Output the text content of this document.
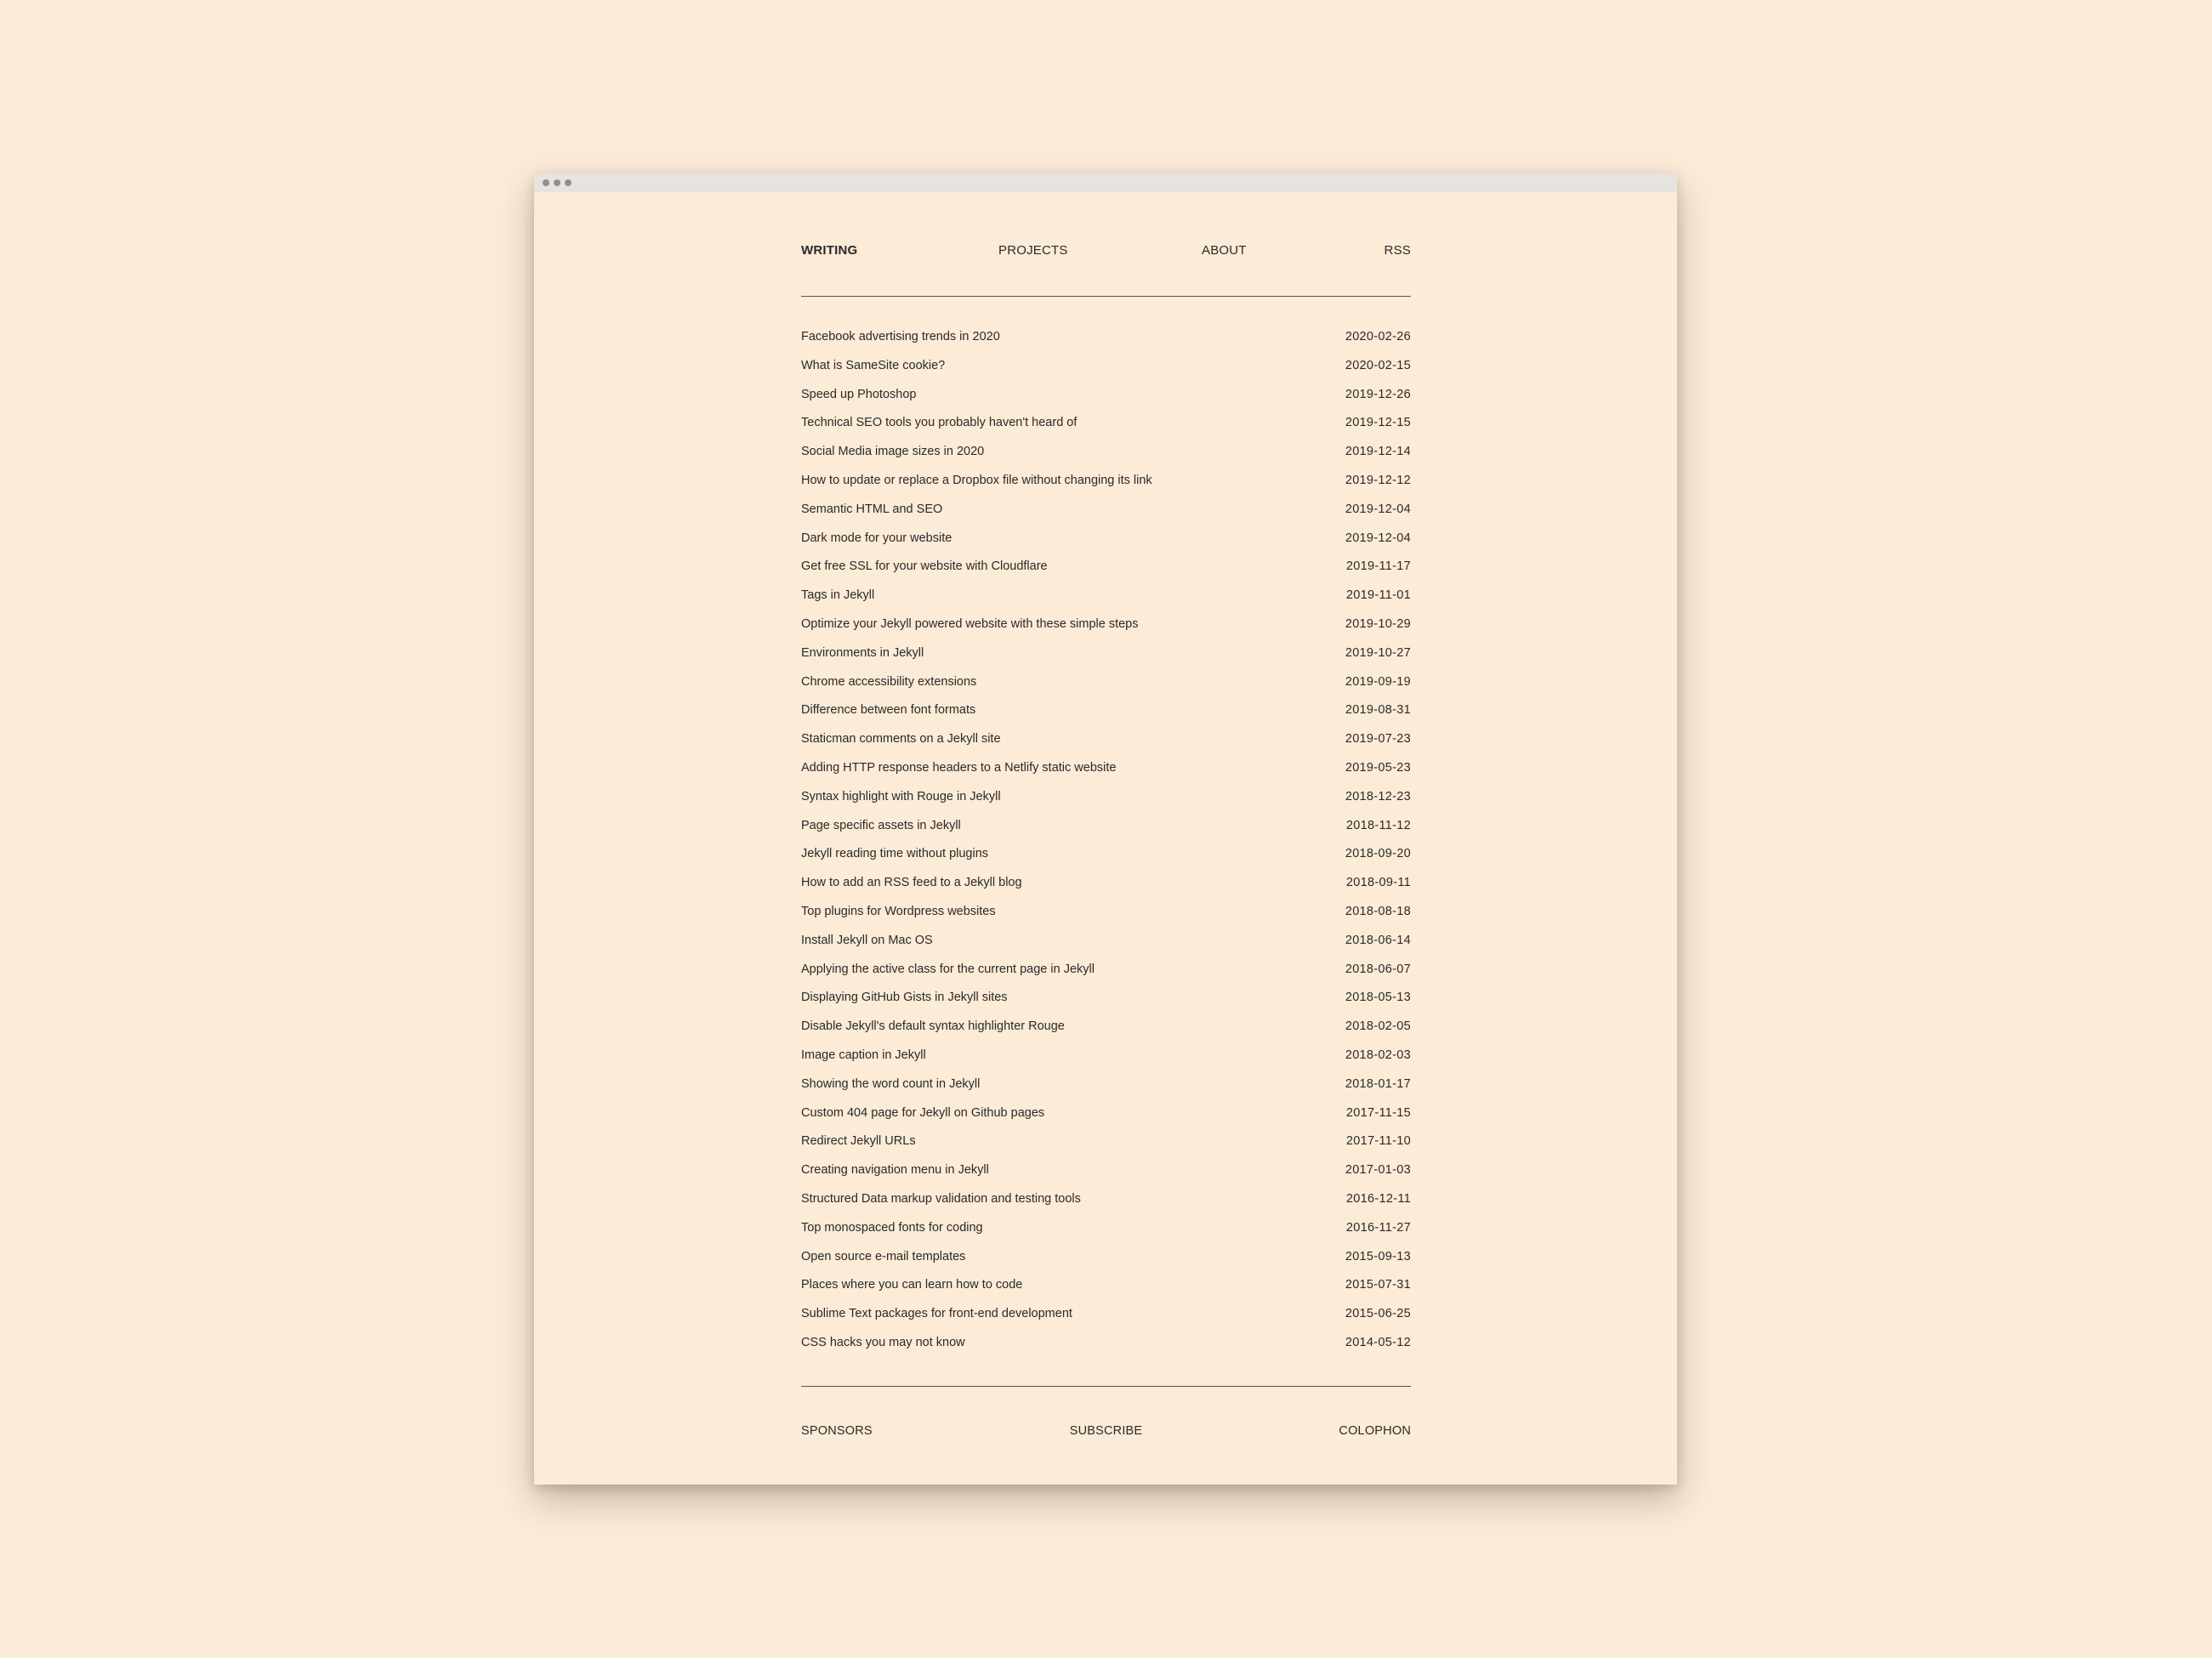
WRITING	PROJECTS	ABOUT	RSS
Facebook advertising trends in 2020	2020-02-26
What is SameSite cookie?	2020-02-15
Speed up Photoshop	2019-12-26
Technical SEO tools you probably haven't heard of	2019-12-15
Social Media image sizes in 2020	2019-12-14
How to update or replace a Dropbox file without changing its link	2019-12-12
Semantic HTML and SEO	2019-12-04
Dark mode for your website	2019-12-04
Get free SSL for your website with Cloudflare	2019-11-17
Tags in Jekyll	2019-11-01
Optimize your Jekyll powered website with these simple steps	2019-10-29
Environments in Jekyll	2019-10-27
Chrome accessibility extensions	2019-09-19
Difference between font formats	2019-08-31
Staticman comments on a Jekyll site	2019-07-23
Adding HTTP response headers to a Netlify static website	2019-05-23
Syntax highlight with Rouge in Jekyll	2018-12-23
Page specific assets in Jekyll	2018-11-12
Jekyll reading time without plugins	2018-09-20
How to add an RSS feed to a Jekyll blog	2018-09-11
Top plugins for Wordpress websites	2018-08-18
Install Jekyll on Mac OS	2018-06-14
Applying the active class for the current page in Jekyll	2018-06-07
Displaying GitHub Gists in Jekyll sites	2018-05-13
Disable Jekyll's default syntax highlighter Rouge	2018-02-05
Image caption in Jekyll	2018-02-03
Showing the word count in Jekyll	2018-01-17
Custom 404 page for Jekyll on Github pages	2017-11-15
Redirect Jekyll URLs	2017-11-10
Creating navigation menu in Jekyll	2017-01-03
Structured Data markup validation and testing tools	2016-12-11
Top monospaced fonts for coding	2016-11-27
Open source e-mail templates	2015-09-13
Places where you can learn how to code	2015-07-31
Sublime Text packages for front-end development	2015-06-25
CSS hacks you may not know	2014-05-12
SPONSORS	SUBSCRIBE	COLOPHON
